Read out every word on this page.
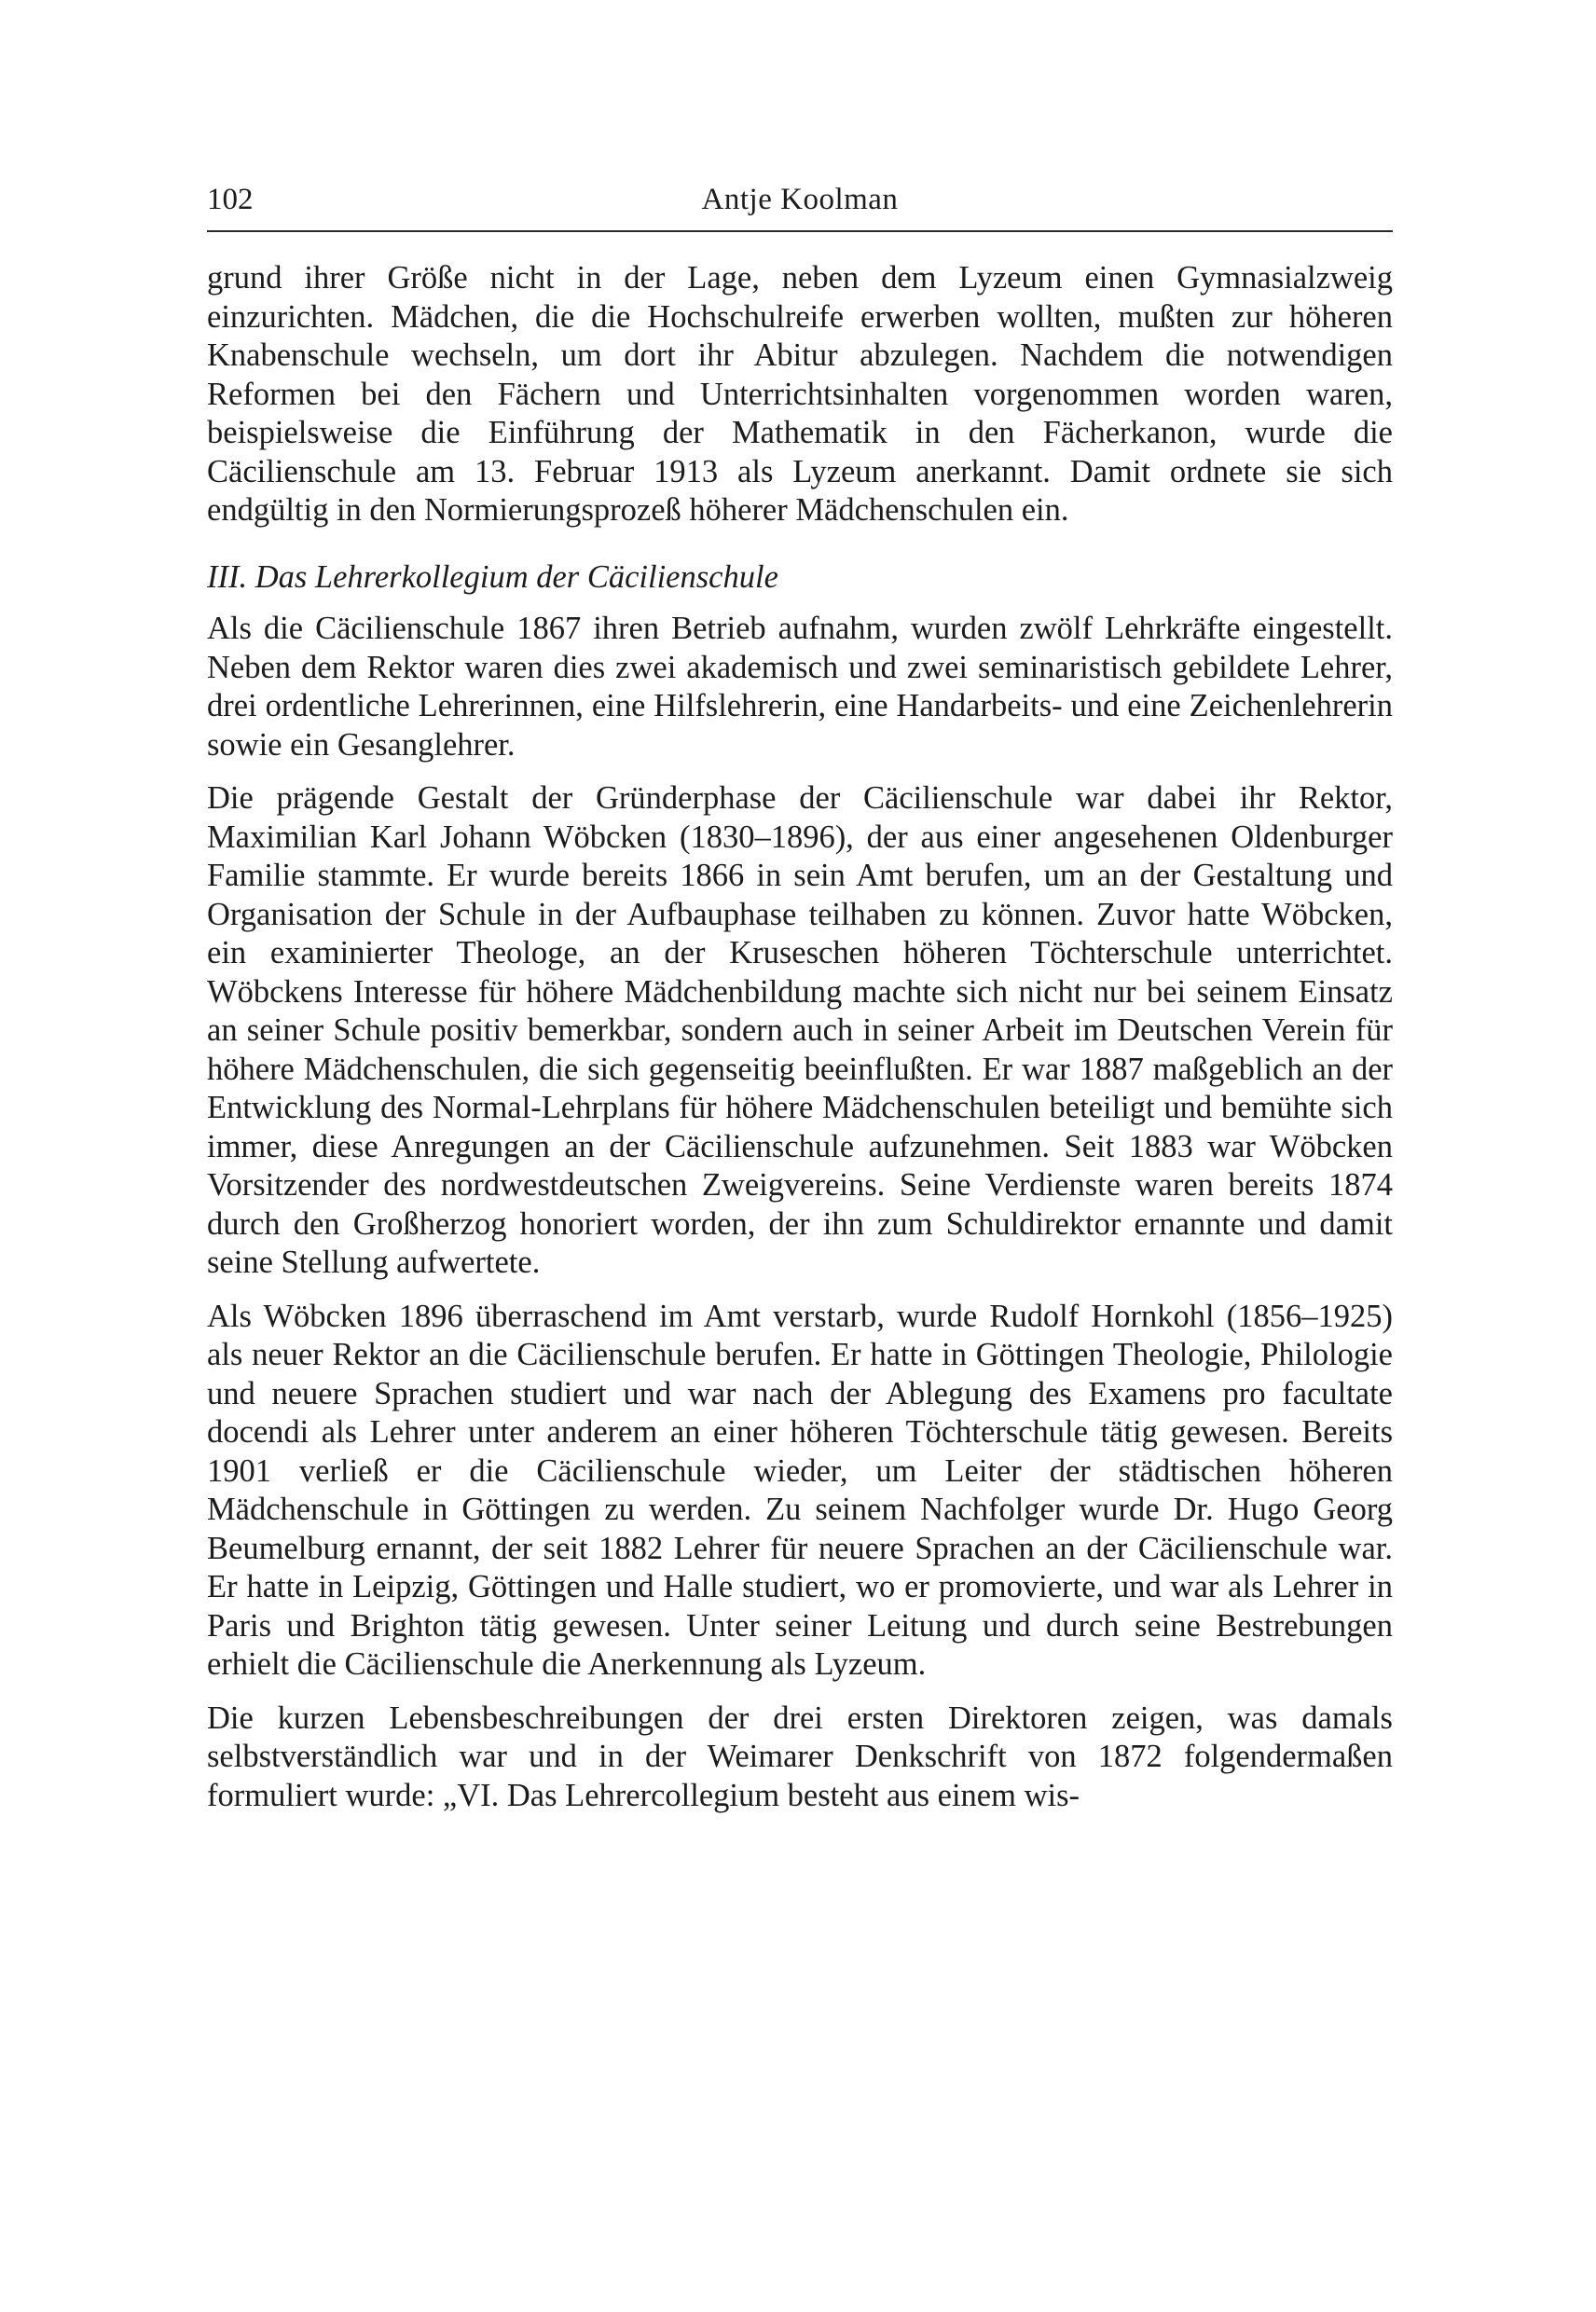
102	Antje Koolman

grund ihrer Größe nicht in der Lage, neben dem Lyzeum einen Gymnasialzweig einzurichten. Mädchen, die die Hochschulreife erwerben wollten, mußten zur höheren Knabenschule wechseln, um dort ihr Abitur abzulegen. Nachdem die notwendigen Reformen bei den Fächern und Unterrichtsinhalten vorgenommen worden waren, beispielsweise die Einführung der Mathematik in den Fächerkanon, wurde die Cäcilienschule am 13. Februar 1913 als Lyzeum anerkannt. Damit ordnete sie sich endgültig in den Normierungsprozeß höherer Mädchenschulen ein.

III. Das Lehrerkollegium der Cäcilienschule

Als die Cäcilienschule 1867 ihren Betrieb aufnahm, wurden zwölf Lehrkräfte eingestellt. Neben dem Rektor waren dies zwei akademisch und zwei seminaristisch gebildete Lehrer, drei ordentliche Lehrerinnen, eine Hilfslehrerin, eine Handarbeits- und eine Zeichenlehrerin sowie ein Gesanglehrer.

Die prägende Gestalt der Gründerphase der Cäcilienschule war dabei ihr Rektor, Maximilian Karl Johann Wöbcken (1830–1896), der aus einer angesehenen Oldenburger Familie stammte. Er wurde bereits 1866 in sein Amt berufen, um an der Gestaltung und Organisation der Schule in der Aufbauphase teilhaben zu können. Zuvor hatte Wöbcken, ein examinierter Theologe, an der Kruseschen höheren Töchterschule unterrichtet. Wöbckens Interesse für höhere Mädchenbildung machte sich nicht nur bei seinem Einsatz an seiner Schule positiv bemerkbar, sondern auch in seiner Arbeit im Deutschen Verein für höhere Mädchenschulen, die sich gegenseitig beeinflußten. Er war 1887 maßgeblich an der Entwicklung des Normal-Lehrplans für höhere Mädchenschulen beteiligt und bemühte sich immer, diese Anregungen an der Cäcilienschule aufzunehmen. Seit 1883 war Wöbcken Vorsitzender des nordwestdeutschen Zweigvereins. Seine Verdienste waren bereits 1874 durch den Großherzog honoriert worden, der ihn zum Schuldirektor ernannte und damit seine Stellung aufwertete.

Als Wöbcken 1896 überraschend im Amt verstarb, wurde Rudolf Hornkohl (1856–1925) als neuer Rektor an die Cäcilienschule berufen. Er hatte in Göttingen Theologie, Philologie und neuere Sprachen studiert und war nach der Ablegung des Examens pro facultate docendi als Lehrer unter anderem an einer höheren Töchterschule tätig gewesen. Bereits 1901 verließ er die Cäcilienschule wieder, um Leiter der städtischen höheren Mädchenschule in Göttingen zu werden. Zu seinem Nachfolger wurde Dr. Hugo Georg Beumelburg ernannt, der seit 1882 Lehrer für neuere Sprachen an der Cäcilienschule war. Er hatte in Leipzig, Göttingen und Halle studiert, wo er promovierte, und war als Lehrer in Paris und Brighton tätig gewesen. Unter seiner Leitung und durch seine Bestrebungen erhielt die Cäcilienschule die Anerkennung als Lyzeum.

Die kurzen Lebensbeschreibungen der drei ersten Direktoren zeigen, was damals selbstverständlich war und in der Weimarer Denkschrift von 1872 folgendermaßen formuliert wurde: „VI. Das Lehrercollegium besteht aus einem wis-
